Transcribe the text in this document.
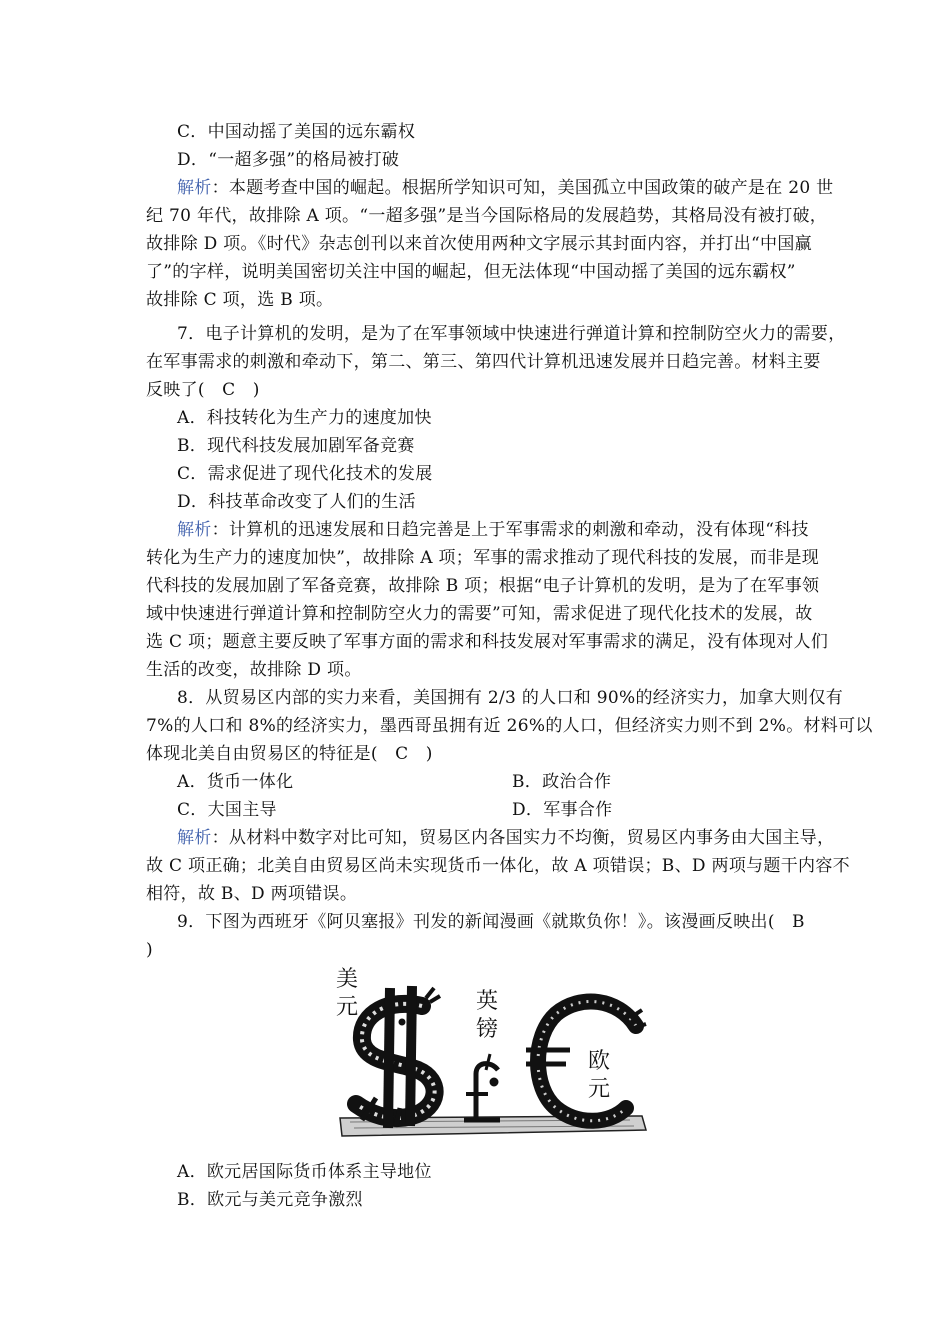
C．中国动摇了美国的远东霸权
D．“一超多强”的格局被打破
解析：本题考查中国的崛起。根据所学知识可知，美国孤立中国政策的破产是在 20 世
纪 70 年代，故排除 A 项。“一超多强”是当今国际格局的发展趋势，其格局没有被打破，
故排除 D 项。《时代》杂志创刊以来首次使用两种文字展示其封面内容，并打出“中国赢
了”的字样，说明美国密切关注中国的崛起，但无法体现“中国动摇了美国的远东霸权”
故排除 C 项，选 B 项。
7．电子计算机的发明，是为了在军事领域中快速进行弹道计算和控制防空火力的需要，
在军事需求的刺激和牵动下，第二、第三、第四代计算机迅速发展并日趋完善。材料主要
反映了(　C　)
A．科技转化为生产力的速度加快
B．现代科技发展加剧军备竞赛
C．需求促进了现代化技术的发展
D．科技革命改变了人们的生活
解析：计算机的迅速发展和日趋完善是上于军事需求的刺激和牵动，没有体现“科技
转化为生产力的速度加快”，故排除 A 项；军事的需求推动了现代科技的发展，而非是现
代科技的发展加剧了军备竞赛，故排除 B 项；根据“电子计算机的发明，是为了在军事领
域中快速进行弹道计算和控制防空火力的需要”可知，需求促进了现代化技术的发展，故
选 C 项；题意主要反映了军事方面的需求和科技发展对军事需求的满足，没有体现对人们
生活的改变，故排除 D 项。
8．从贸易区内部的实力来看，美国拥有 2/3 的人口和 90%的经济实力，加拿大则仅有
7%的人口和 8%的经济实力，墨西哥虽拥有近 26%的人口，但经济实力则不到 2%。材料可以
体现北美自由贸易区的特征是(　C　)
A．货币一体化	B．政治合作
C．大国主导	D．军事合作
解析：从材料中数字对比可知，贸易区内各国实力不均衡，贸易区内事务由大国主导，
故 C 项正确；北美自由贸易区尚未实现货币一体化，故 A 项错误；B、D 两项与题干内容不
相符，故 B、D 两项错误。
9．下图为西班牙《阿贝塞报》刊发的新闻漫画《就欺负你！》。该漫画反映出(　B
)
美
元	英
镑
欧
元
A．欧元居国际货币体系主导地位
B．欧元与美元竞争激烈
